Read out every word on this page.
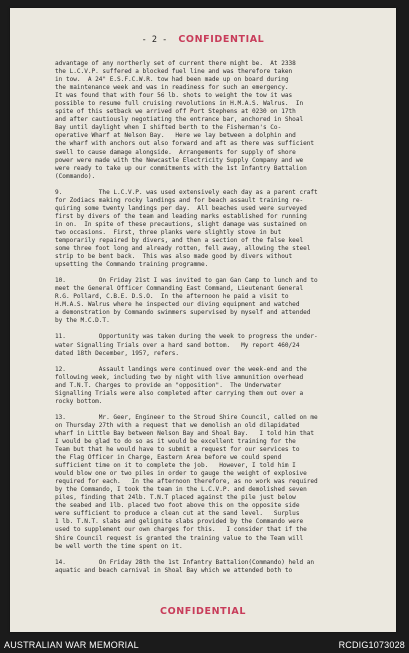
- 2 - CONFIDENTIAL
advantage of any northerly set of current there might be.  At 2338
the L.C.V.P. suffered a blocked fuel line and was therefore taken
in tow.  A 24" E.S.F.C.W.R. tow had been made up on board during
the maintenance week and was in readiness for such an emergency.
It was found that with four 56 lb. shots to weight the tow it was
possible to resume full cruising revolutions in H.M.A.S. Walrus.  In
spite of this setback we arrived off Port Stephens at 0230 on 17th
and after cautiously negotiating the entrance bar, anchored in Shoal
Bay until daylight when I shifted berth to the Fisherman's Co-
operative Wharf at Nelson Bay.   Here we lay between a dolphin and
the wharf with anchors out also forward and aft as there was sufficient
swell to cause damage alongside.  Arrangements for supply of shore
power were made with the Newcastle Electricity Supply Company and we
were ready to take up our commitments with the 1st Infantry Battalion
(Commando).
9.          The L.C.V.P. was used extensively each day as a parent craft
for Zodiacs making rocky landings and for beach assault training re-
quiring some twenty landings per day.  All beaches used were surveyed
first by divers of the team and leading marks established for running
in on.  In spite of these precautions, slight damage was sustained on
two occasions.  First, three planks were slightly stove in but
temporarily repaired by divers, and then a section of the false keel
some three foot long and already rotten, fell away, allowing the steel
strip to be bent back.  This was also made good by divers without
upsetting the Commando training programme.
10.         On Friday 21st I was invited to gan Gan Camp to lunch and to
meet the General Officer Commanding East Command, Lieutenant General
R.G. Pollard, C.B.E. D.S.O.  In the afternoon he paid a visit to
H.M.A.S. Walrus where he inspected our diving equipment and watched
a demonstration by Commando swimmers supervised by myself and attended
by the M.C.D.T.
11.         Opportunity was taken during the week to progress the under-
water Signalling Trials over a hard sand bottom.   My report 460/24
dated 18th December, 1957, refers.
12.         Assault landings were continued over the week-end and the
following week, including two by night with live ammunition overhead
and T.N.T. Charges to provide an "opposition".  The Underwater
Signalling Trials were also completed after carrying them out over a
rocky bottom.
13.         Mr. Geer, Engineer to the Stroud Shire Council, called on me
on Thursday 27th with a request that we demolish an old dilapidated
wharf in Little Bay between Nelson Bay and Shoal Bay.   I told him that
I would be glad to do so as it would be excellent training for the
Team but that he would have to submit a request for our services to
the Flag Officer in Charge, Eastern Area before we could spend
sufficient time on it to complete the job.   However, I told him I
would blow one or two piles in order to gauge the weight of explosive
required for each.   In the afternoon therefore, as no work was required
by the Commando, I took the team in the L.C.V.P. and demolished seven
piles, finding that 24lb. T.N.T placed against the pile just below
the seabed and 1lb. placed two foot above this on the opposite side
were sufficient to produce a clean cut at the sand level.   Surplus
1 lb. T.N.T. slabs and gelignite slabs provided by the Commando were
used to supplement our own charges for this.   I consider that if the
Shire Council request is granted the training value to the Team will
be well worth the time spent on it.
14.         On Friday 28th the 1st Infantry Battalion(Commando) held an
aquatic and beach carnival in Shoal Bay which we attended both to
CONFIDENTIAL
AUSTRALIAN WAR MEMORIAL	RCDIG1073028
